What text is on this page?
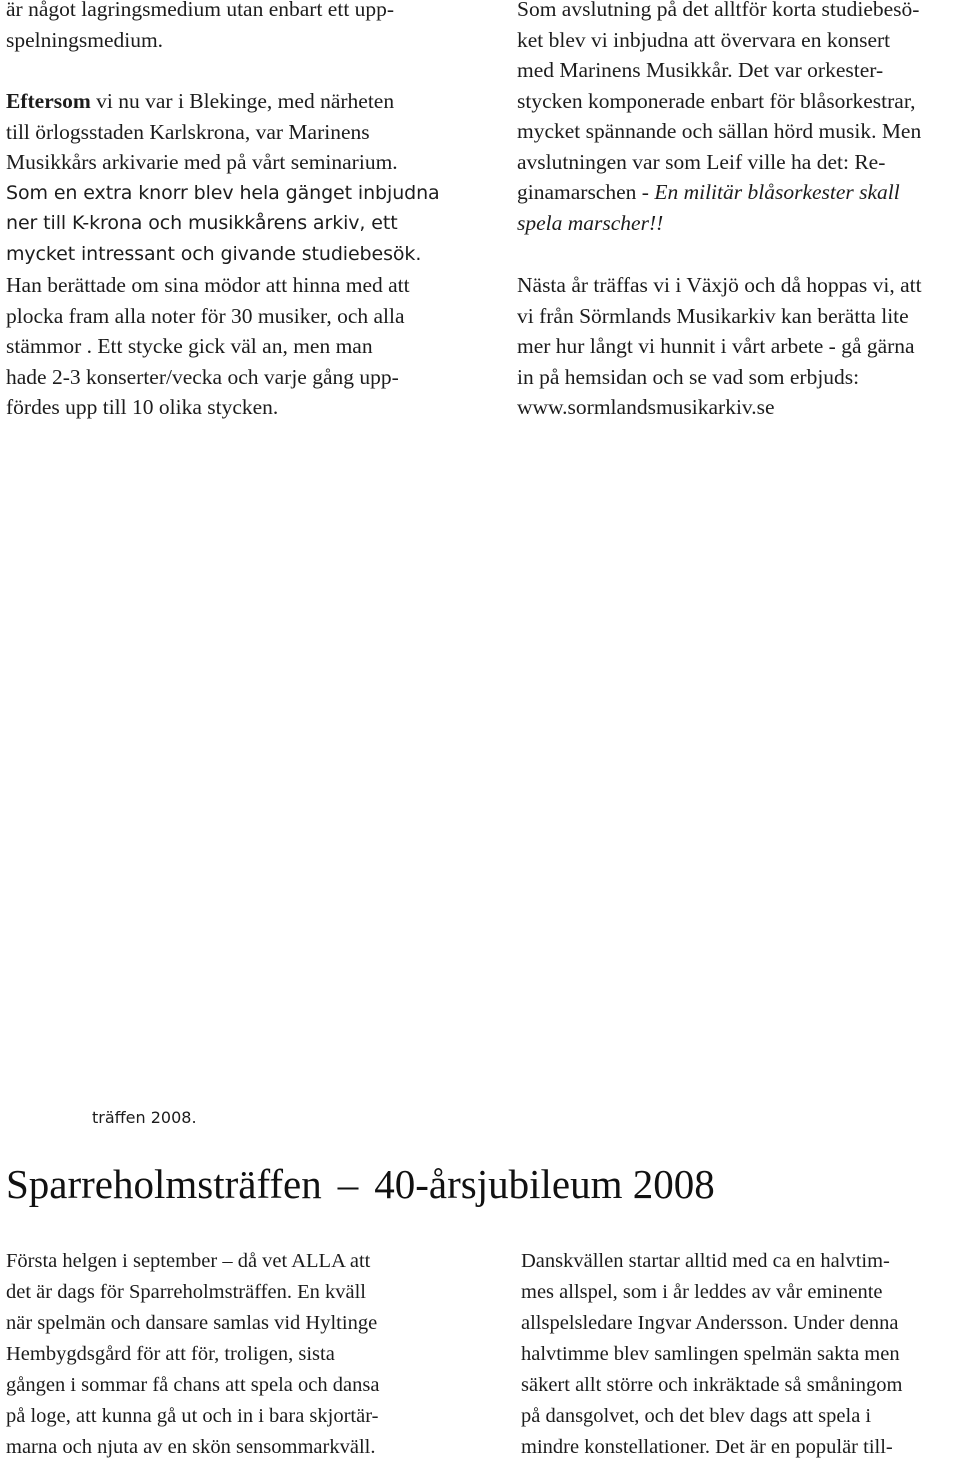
är något lagringsmedium utan enbart ett upp-
spelningsmedium.
Eftersom vi nu var i Blekinge, med närheten
till örlogsstaden Karlskrona, var Marinens
Musikkårs arkivarie med på vårt seminarium.
Som en extra knorr blev hela gänget inbjudna
ner till K-krona och musikkårens arkiv, ett
mycket intressant och givande studiebesök.
Han berättade om sina mödor att hinna med att
plocka fram alla noter för 30 musiker, och alla
stämmor . Ett stycke gick väl an, men man
hade 2-3 konserter/vecka och varje gång upp-
fördes upp till 10 olika stycken.
Som avslutning på det alltför korta studiebesö-
ket blev vi inbjudna att övervara en konsert
med Marinens Musikkår. Det var orkester-
stycken komponerade enbart för blåsorkestrar,
mycket spännande och sällan hörd musik. Men
avslutningen var som Leif ville ha det: Re-
ginamarschen - En militär blåsorkester skall
spela marscher!!
Nästa år träffas vi i Växjö och då hoppas vi, att
vi från Sörmlands Musikarkiv kan berätta lite
mer hur långt vi hunnit i vårt arbete - gå gärna
in på hemsidan och se vad som erbjuds:
www.sormlandsmusikarkiv.se
träffen 2008.
Sparreholmsträffen – 40-årsjubileum 2008
Första helgen i september – då vet ALLA att
det är dags för Sparreholmsträffen. En kväll
när spelmän och dansare samlas vid Hyltinge
Hembygdsgård för att för, troligen, sista
gången i sommar få chans att spela och dansa
på loge, att kunna gå ut och in i bara skjortär-
marna och njuta av en skön sensommarkväll.
Danskvällen startar alltid med ca en halvtim-
mes allspel, som i år leddes av vår eminente
allspelsledare Ingvar Andersson. Under denna
halvtimme blev samlingen spelmän sakta men
säkert allt större och inkräktade så småningom
på dansgolvet, och det blev dags att spela i
mindre konstellationer. Det är en populär till-
